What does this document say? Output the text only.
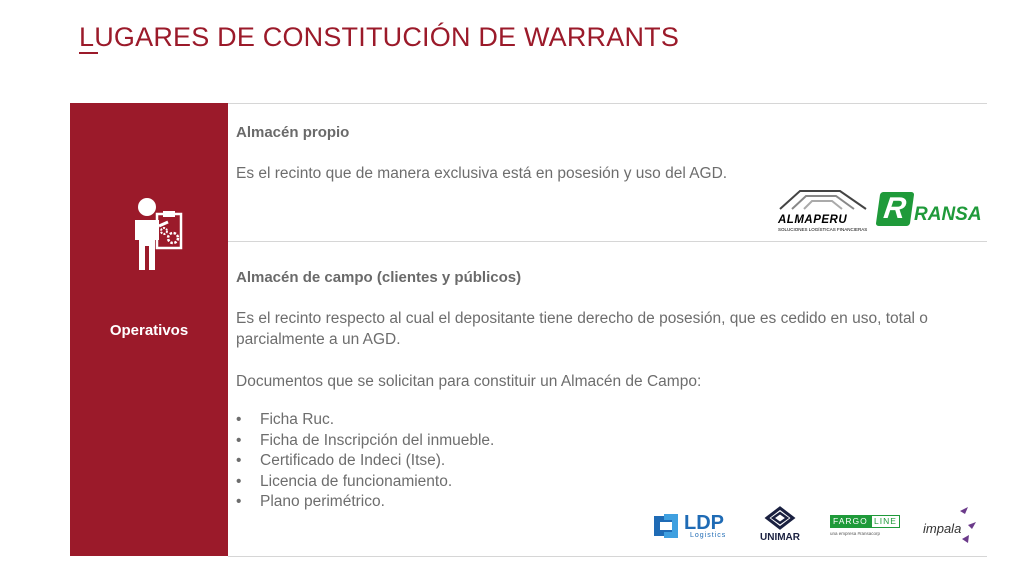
LUGARES DE CONSTITUCIÓN DE WARRANTS
Operativos
Almacén propio
Es el recinto que de manera exclusiva está en posesión y uso del AGD.
ALMAPERU
SOLUCIONES LOGÍSTICAS FINANCIERAS
R RANSA
Almacén de campo (clientes y públicos)
Es el recinto respecto al cual el depositante tiene derecho de posesión, que es cedido en uso, total o parcialmente a un AGD.
Documentos que se solicitan para constituir un Almacén de Campo:
• Ficha Ruc.
• Ficha de Inscripción del inmueble.
• Certificado de Indeci (Itse).
• Licencia de funcionamiento.
• Plano perimétrico.
LDP
Logistics	UNIMAR
FARGO LINE
una empresa #ransacorp	impala
